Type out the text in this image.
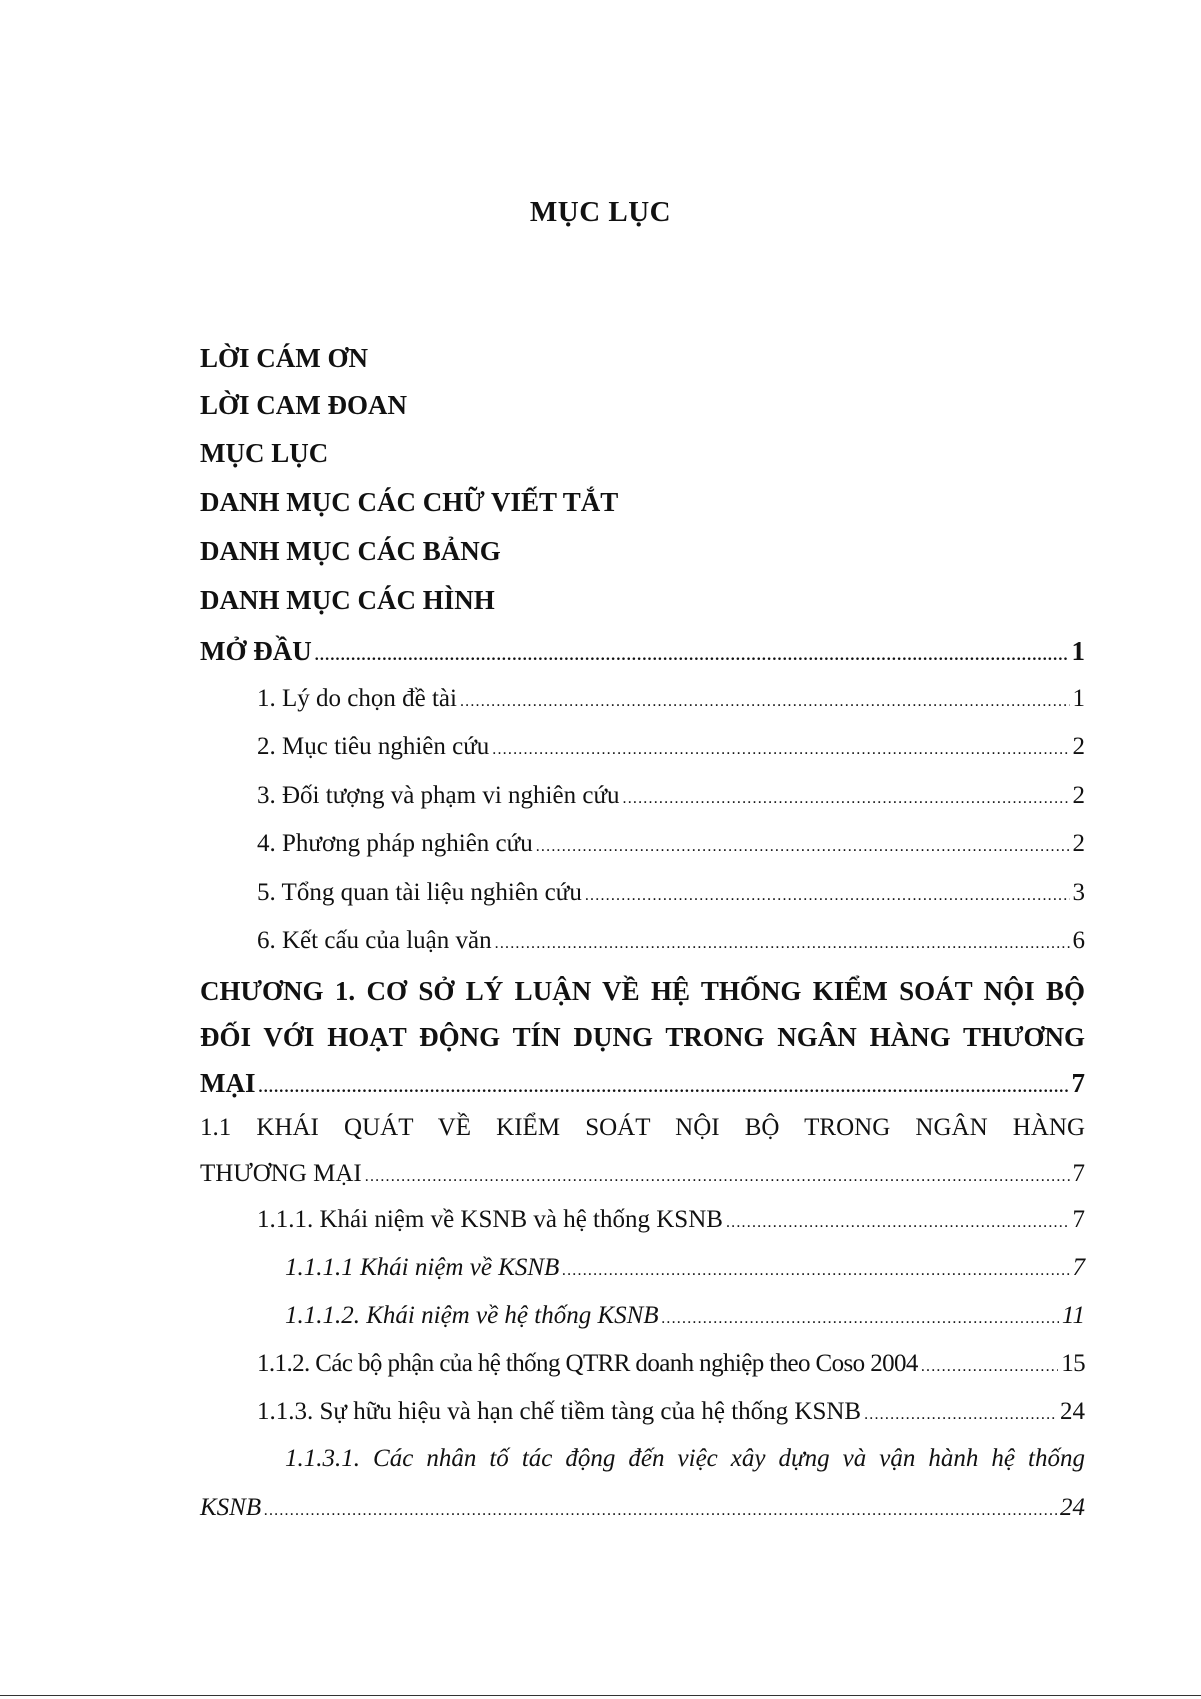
MỤC LỤC
LỜI CÁM ƠN
LỜI CAM ĐOAN
MỤC LỤC
DANH MỤC CÁC CHỮ VIẾT TẮT
DANH MỤC CÁC BẢNG
DANH MỤC CÁC HÌNH
MỞ ĐẦU .....	1
1. Lý do chọn đề tài .....	1
2. Mục tiêu nghiên cứu .....	2
3. Đối tượng và phạm vi nghiên cứu .....	2
4. Phương pháp nghiên cứu .....	2
5. Tổng quan tài liệu nghiên cứu .....	3
6. Kết cấu của luận văn .....	6
CHƯƠNG 1. CƠ SỞ LÝ LUẬN VỀ HỆ THỐNG KIỂM SOÁT NỘI BỘ
ĐỐI VỚI HOẠT ĐỘNG TÍN DỤNG TRONG NGÂN HÀNG THƯƠNG
MẠI .....	7
1.1 KHÁI QUÁT VỀ KIỂM SOÁT NỘI BỘ TRONG NGÂN HÀNG
THƯƠNG MẠI .....	7
1.1.1. Khái niệm về KSNB và hệ thống KSNB .....	7
1.1.1.1 Khái niệm về KSNB .....	7
1.1.1.2. Khái niệm về hệ thống KSNB .....	11
1.1.2. Các bộ phận của hệ thống QTRR doanh nghiệp theo Coso 2004 .....	15
1.1.3. Sự hữu hiệu và hạn chế tiềm tàng của hệ thống KSNB .....	24
1.1.3.1. Các nhân tố tác động đến việc xây dựng và vận hành hệ thống
KSNB .....	24
